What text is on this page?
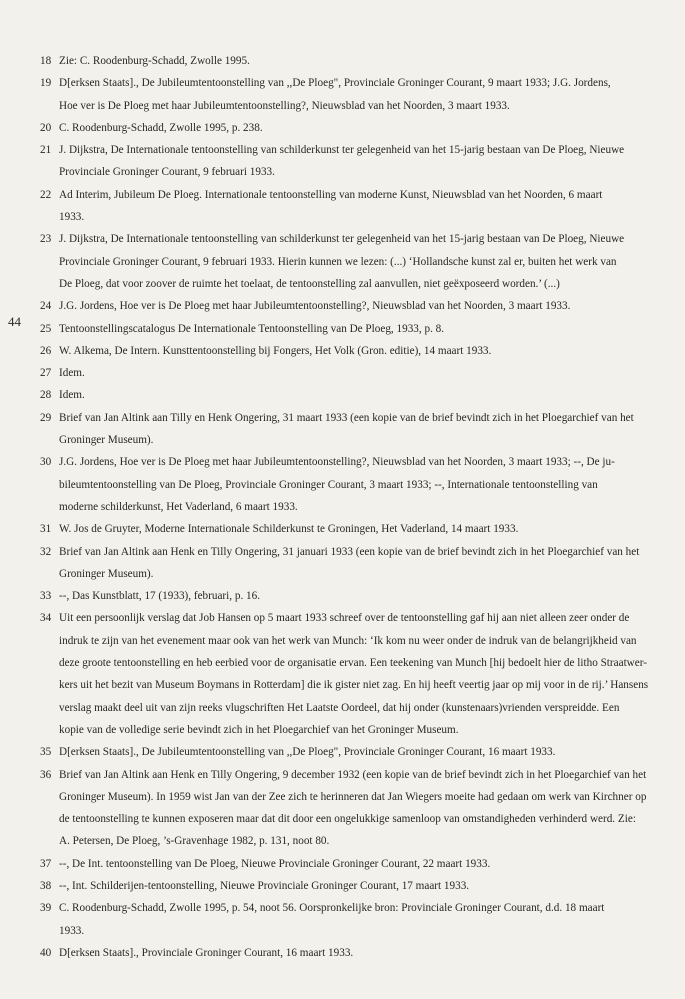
44
18 Zie: C. Roodenburg-Schadd, Zwolle 1995.
19 D[erksen Staats]., De Jubileumtentoonstelling van ,,De Ploeg", Provinciale Groninger Courant, 9 maart 1933; J.G. Jordens,
Hoe ver is De Ploeg met haar Jubileumtentoonstelling?, Nieuwsblad van het Noorden, 3 maart 1933.
20 C. Roodenburg-Schadd, Zwolle 1995, p. 238.
21 J. Dijkstra, De Internationale tentoonstelling van schilderkunst ter gelegenheid van het 15-jarig bestaan van De Ploeg, Nieuwe
Provinciale Groninger Courant, 9 februari 1933.
22 Ad Interim, Jubileum De Ploeg. Internationale tentoonstelling van moderne Kunst, Nieuwsblad van het Noorden, 6 maart
1933.
23 J. Dijkstra, De Internationale tentoonstelling van schilderkunst ter gelegenheid van het 15-jarig bestaan van De Ploeg, Nieuwe
Provinciale Groninger Courant, 9 februari 1933. Hierin kunnen we lezen: (...) ‘Hollandsche kunst zal er, buiten het werk van
De Ploeg, dat voor zoover de ruimte het toelaat, de tentoonstelling zal aanvullen, niet geëxposeerd worden.’ (...)
24 J.G. Jordens, Hoe ver is De Ploeg met haar Jubileumtentoonstelling?, Nieuwsblad van het Noorden, 3 maart 1933.
25 Tentoonstellingscatalogus De Internationale Tentoonstelling van De Ploeg, 1933, p. 8.
26 W. Alkema, De Intern. Kunsttentoonstelling bij Fongers, Het Volk (Gron. editie), 14 maart 1933.
27 Idem.
28 Idem.
29 Brief van Jan Altink aan Tilly en Henk Ongering, 31 maart 1933 (een kopie van de brief bevindt zich in het Ploegarchief van het
Groninger Museum).
30 J.G. Jordens, Hoe ver is De Ploeg met haar Jubileumtentoonstelling?, Nieuwsblad van het Noorden, 3 maart 1933; --, De ju-
bileumtentoonstelling van De Ploeg, Provinciale Groninger Courant, 3 maart 1933; --, Internationale tentoonstelling van
moderne schilderkunst, Het Vaderland, 6 maart 1933.
31 W. Jos de Gruyter, Moderne Internationale Schilderkunst te Groningen, Het Vaderland, 14 maart 1933.
32 Brief van Jan Altink aan Henk en Tilly Ongering, 31 januari 1933 (een kopie van de brief bevindt zich in het Ploegarchief van het
Groninger Museum).
33 --, Das Kunstblatt, 17 (1933), februari, p. 16.
34 Uit een persoonlijk verslag dat Job Hansen op 5 maart 1933 schreef over de tentoonstelling gaf hij aan niet alleen zeer onder de
indruk te zijn van het evenement maar ook van het werk van Munch: ‘Ik kom nu weer onder de indruk van de belangrijkheid van
deze groote tentoonstelling en heb eerbied voor de organisatie ervan. Een teekening van Munch [hij bedoelt hier de litho Straatwer-
kers uit het bezit van Museum Boymans in Rotterdam] die ik gister niet zag. En hij heeft veertig jaar op mij voor in de rij.’ Hansens
verslag maakt deel uit van zijn reeks vlugschriften Het Laatste Oordeel, dat hij onder (kunstenaars)vrienden verspreidde. Een
kopie van de volledige serie bevindt zich in het Ploegarchief van het Groninger Museum.
35 D[erksen Staats]., De Jubileumtentoonstelling van ,,De Ploeg", Provinciale Groninger Courant, 16 maart 1933.
36 Brief van Jan Altink aan Henk en Tilly Ongering, 9 december 1932 (een kopie van de brief bevindt zich in het Ploegarchief van het
Groninger Museum). In 1959 wist Jan van der Zee zich te herinneren dat Jan Wiegers moeite had gedaan om werk van Kirchner op
de tentoonstelling te kunnen exposeren maar dat dit door een ongelukkige samenloop van omstandigheden verhinderd werd. Zie:
A. Petersen, De Ploeg, ’s-Gravenhage 1982, p. 131, noot 80.
37 --, De Int. tentoonstelling van De Ploeg, Nieuwe Provinciale Groninger Courant, 22 maart 1933.
38 --, Int. Schilderijen-tentoonstelling, Nieuwe Provinciale Groninger Courant, 17 maart 1933.
39 C. Roodenburg-Schadd, Zwolle 1995, p. 54, noot 56. Oorspronkelijke bron: Provinciale Groninger Courant, d.d. 18 maart
1933.
40 D[erksen Staats]., Provinciale Groninger Courant, 16 maart 1933.
